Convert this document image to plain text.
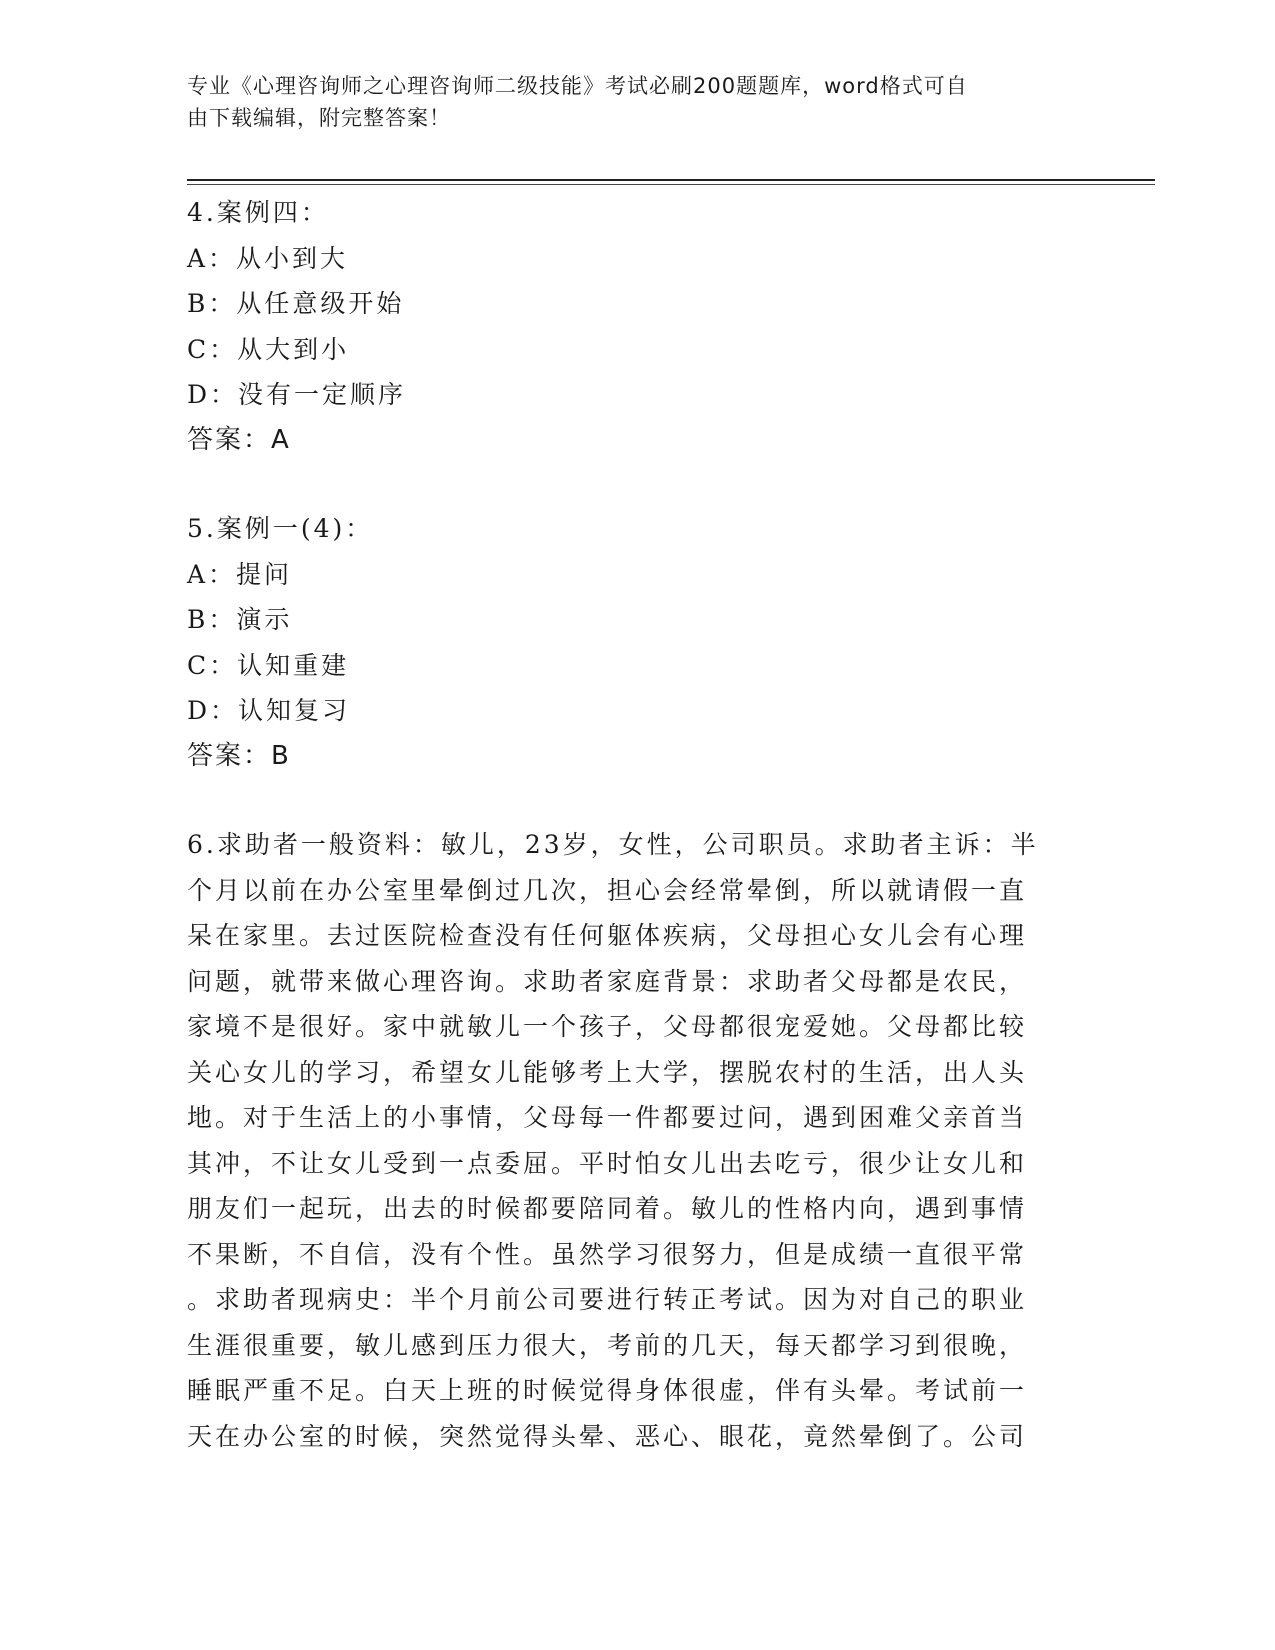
专业《心理咨询师之心理咨询师二级技能》考试必刷200题题库，word格式可自
由下载编辑，附完整答案！
4.案例四：
A：从小到大
B：从任意级开始
C：从大到小
D：没有一定顺序
答案：A
5.案例一(4)：
A：提问
B：演示
C：认知重建
D：认知复习
答案：B
6.求助者一般资料：敏儿，23岁，女性，公司职员。求助者主诉：半
个月以前在办公室里晕倒过几次，担心会经常晕倒，所以就请假一直
呆在家里。去过医院检查没有任何躯体疾病，父母担心女儿会有心理
问题，就带来做心理咨询。求助者家庭背景：求助者父母都是农民，
家境不是很好。家中就敏儿一个孩子，父母都很宠爱她。父母都比较
关心女儿的学习，希望女儿能够考上大学，摆脱农村的生活，出人头
地。对于生活上的小事情，父母每一件都要过问，遇到困难父亲首当
其冲，不让女儿受到一点委屈。平时怕女儿出去吃亏，很少让女儿和
朋友们一起玩，出去的时候都要陪同着。敏儿的性格内向，遇到事情
不果断，不自信，没有个性。虽然学习很努力，但是成绩一直很平常
。求助者现病史：半个月前公司要进行转正考试。因为对自己的职业
生涯很重要，敏儿感到压力很大，考前的几天，每天都学习到很晚，
睡眠严重不足。白天上班的时候觉得身体很虚，伴有头晕。考试前一
天在办公室的时候，突然觉得头晕、恶心、眼花，竟然晕倒了。公司
